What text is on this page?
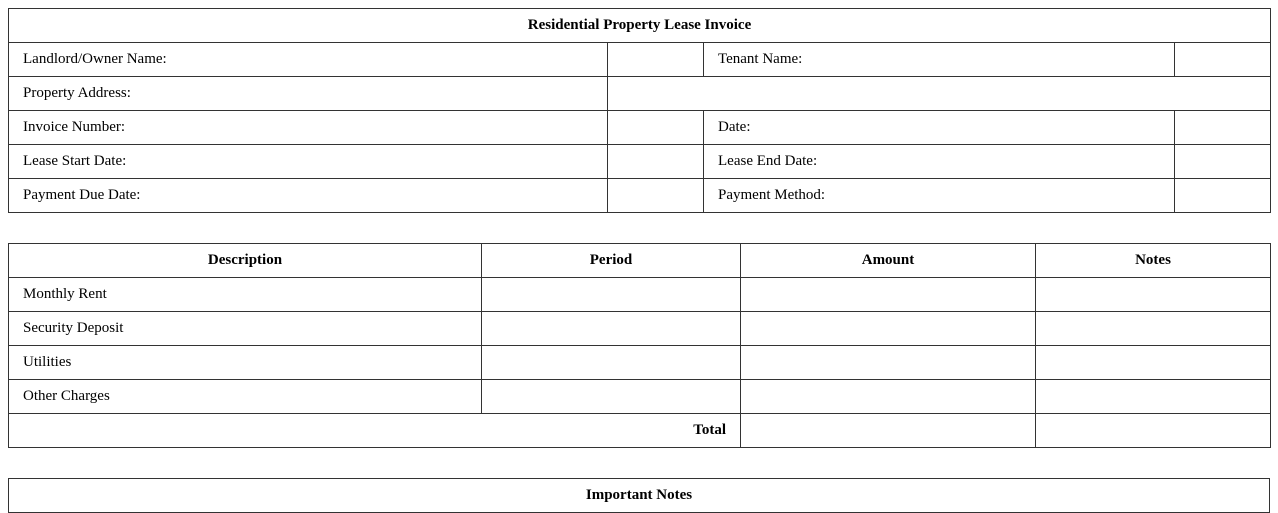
Residential Property Lease Invoice			
Landlord/Owner Name:		Tenant Name:	
Property Address:			
Invoice Number:		Date:	
Lease Start Date:		Lease End Date:	
Payment Due Date:		Payment Method:	
Description	Period	Amount	Notes
Monthly Rent			
Security Deposit			
Utilities			
Other Charges			
Total			
Important Notes
